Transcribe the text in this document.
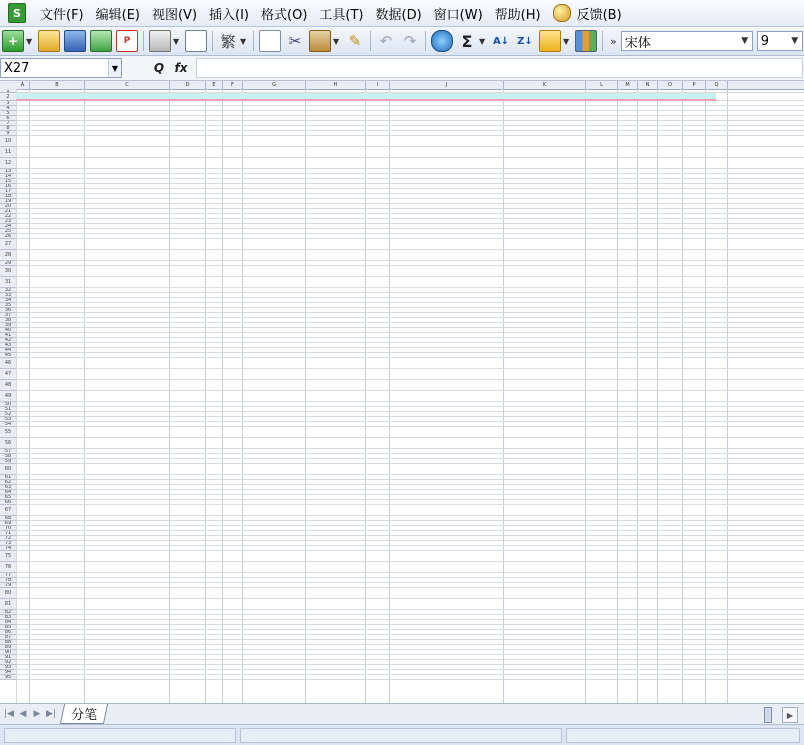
S	文件(F) 编辑(E) 视图(V) 插入(I) 格式(O) 工具(T) 数据(D) 窗口(W) 帮助(H)	反馈(B)
+ ▼	P	▼	繁 ▼	✂	▼ ✎ ↶ ↷	Σ ▼ A↓ Z↓	▼	» 宋体	▼ 9	▼
X27	▼	Q fx
A	B	C	D	E	F	G	H	I	J	K	L	M	N	O	P	Q
1
2
3
4
5
6
7
8
9
10
11
12
13
14
15
16
17
18
19
20
21
22
23
24
25
26
27
28
29
30
31
32
33
34
35
36
37
38
39
40
41
42
43
44
45
46
47
48
49
50
51
52
53
54
55
56
57
58
59
60
61
62
63
64
65
66
67
68
69
70
71
72
73
74
75
76
77
78
79
80
81
82
83
84
85
86
87
88
89
90
91
92
93
94
95
|◀ ◀ ▶ ▶| 分笔	▶
